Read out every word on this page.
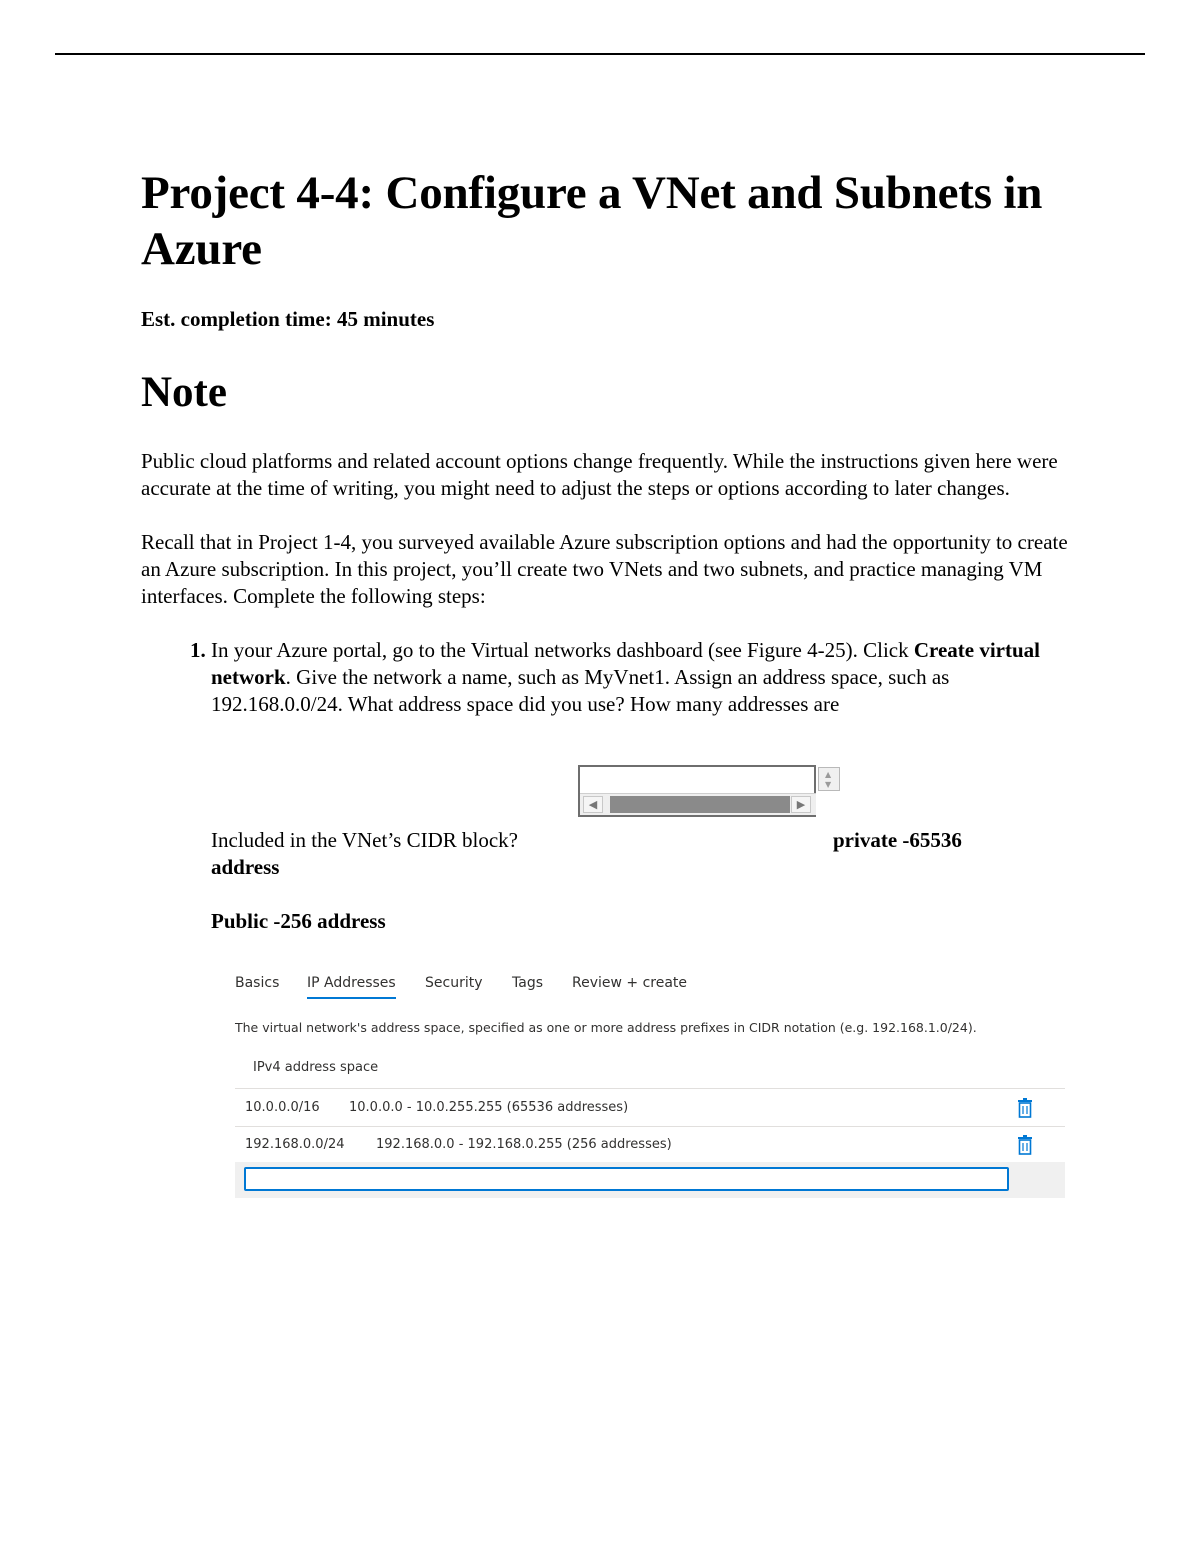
Project 4-4: Configure a VNet and Subnets in Azure
Est. completion time: 45 minutes
Note

Public cloud platforms and related account options change frequently. While the instructions given here were accurate at the time of writing, you might need to adjust the steps or options according to later changes.

Recall that in Project 1-4, you surveyed available Azure subscription options and had the opportunity to create an Azure subscription. In this project, you’ll create two VNets and two subnets, and practice managing VM interfaces. Complete the following steps:

1. In your Azure portal, go to the Virtual networks dashboard (see Figure 4-25). Click Create virtual network. Give the network a name, such as MyVnet1. Assign an address space, such as 192.168.0.0/24. What address space did you use? How many addresses are
▲
▼
◀	▶
Included in the VNet’s CIDR block?	private -65536
address
Public -256 address
Basics IP Addresses Security Tags Review + create
The virtual network's address space, specified as one or more address prefixes in CIDR notation (e.g. 192.168.1.0/24).
IPv4 address space
10.0.0.0/16 10.0.0.0 - 10.0.255.255 (65536 addresses)
192.168.0.0/24 192.168.0.0 - 192.168.0.255 (256 addresses)
